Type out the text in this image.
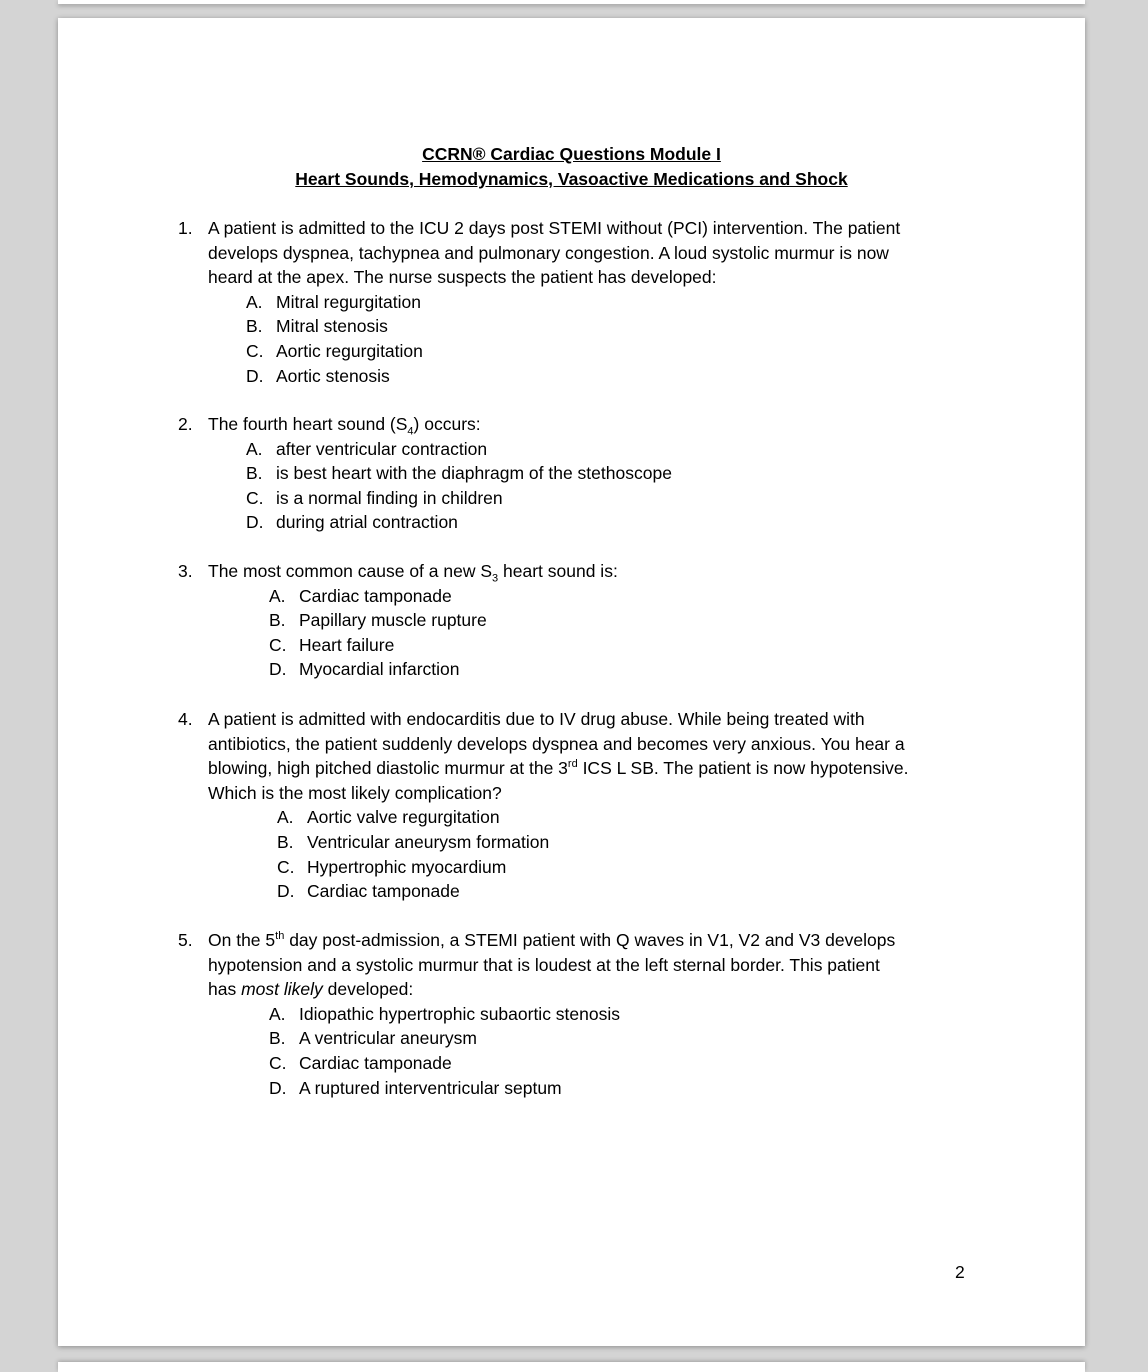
CCRN® Cardiac Questions Module I
Heart Sounds, Hemodynamics, Vasoactive Medications and Shock
1. A patient is admitted to the ICU 2 days post STEMI without (PCI) intervention. The patient
develops dyspnea, tachypnea and pulmonary congestion. A loud systolic murmur is now
heard at the apex. The nurse suspects the patient has developed:
A. Mitral regurgitation
B. Mitral stenosis
C. Aortic regurgitation
D. Aortic stenosis
2. The fourth heart sound $(S_4)$ occurs:
A. after ventricular contraction
B. is best heart with the diaphragm of the stethoscope
C. is a normal finding in children
D. during atrial contraction
3. The most common cause of a new $S_3$ heart sound is:
A. Cardiac tamponade
B. Papillary muscle rupture
C. Heart failure
D. Myocardial infarction
4. A patient is admitted with endocarditis due to IV drug abuse. While being treated with
antibiotics, the patient suddenly develops dyspnea and becomes very anxious. You hear a
blowing, high pitched diastolic murmur at the 3rd ICS L SB. The patient is now hypotensive.
Which is the most likely complication?
A. Aortic valve regurgitation
B. Ventricular aneurysm formation
C. Hypertrophic myocardium
D. Cardiac tamponade
5. On the 5th day post-admission, a STEMI patient with Q waves in V1, V2 and V3 develops
hypotension and a systolic murmur that is loudest at the left sternal border. This patient
has most likely developed:
A. Idiopathic hypertrophic subaortic stenosis
B. A ventricular aneurysm
C. Cardiac tamponade
D. A ruptured interventricular septum
2
